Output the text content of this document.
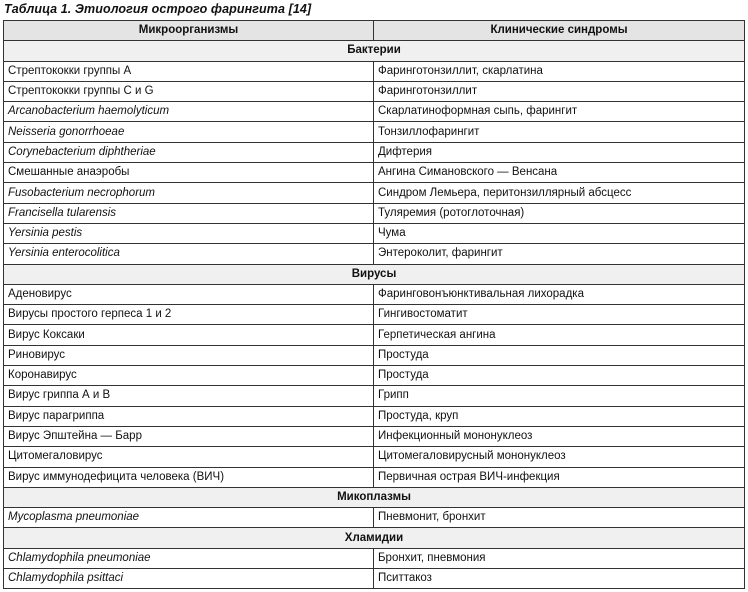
Таблица 1. Этиология острого фарингита [14]
Микроорганизмы	Клинические синдромы
Бактерии	
Стрептококки группы А	Фаринготонзиллит, скарлатина
Стрептококки группы C и G	Фаринготонзиллит
Arcanobacterium haemolyticum	Скарлатиноформная сыпь, фарингит
Neisseria gonorrhoeae	Тонзиллофарингит
Corynebacterium diphtheriae	Дифтерия
Смешанные анаэробы	Ангина Симановского — Венсана
Fusobacterium necrophorum	Синдром Лемьера, перитонзиллярный абсцесс
Francisella tularensis	Туляремия (ротоглоточная)
Yersinia pestis	Чума
Yersinia enterocolitica	Энтероколит, фарингит
Вирусы	
Аденовирус	Фаринговонъюнктивальная лихорадка
Вирусы простого герпеса 1 и 2	Гингивостоматит
Вирус Коксаки	Герпетическая ангина
Риновирус	Простуда
Коронавирус	Простуда
Вирус гриппа А и В	Грипп
Вирус парагриппа	Простуда, круп
Вирус Эпштейна — Барр	Инфекционный мононуклеоз
Цитомегаловирус	Цитомегаловирусный мононуклеоз
Вирус иммунодефицита человека (ВИЧ)	Первичная острая ВИЧ-инфекция
Микоплазмы	
Mycoplasma pneumoniae	Пневмонит, бронхит
Хламидии	
Chlamydophila pneumoniae	Бронхит, пневмония
Chlamydophila psittaci	Пситтакоз
